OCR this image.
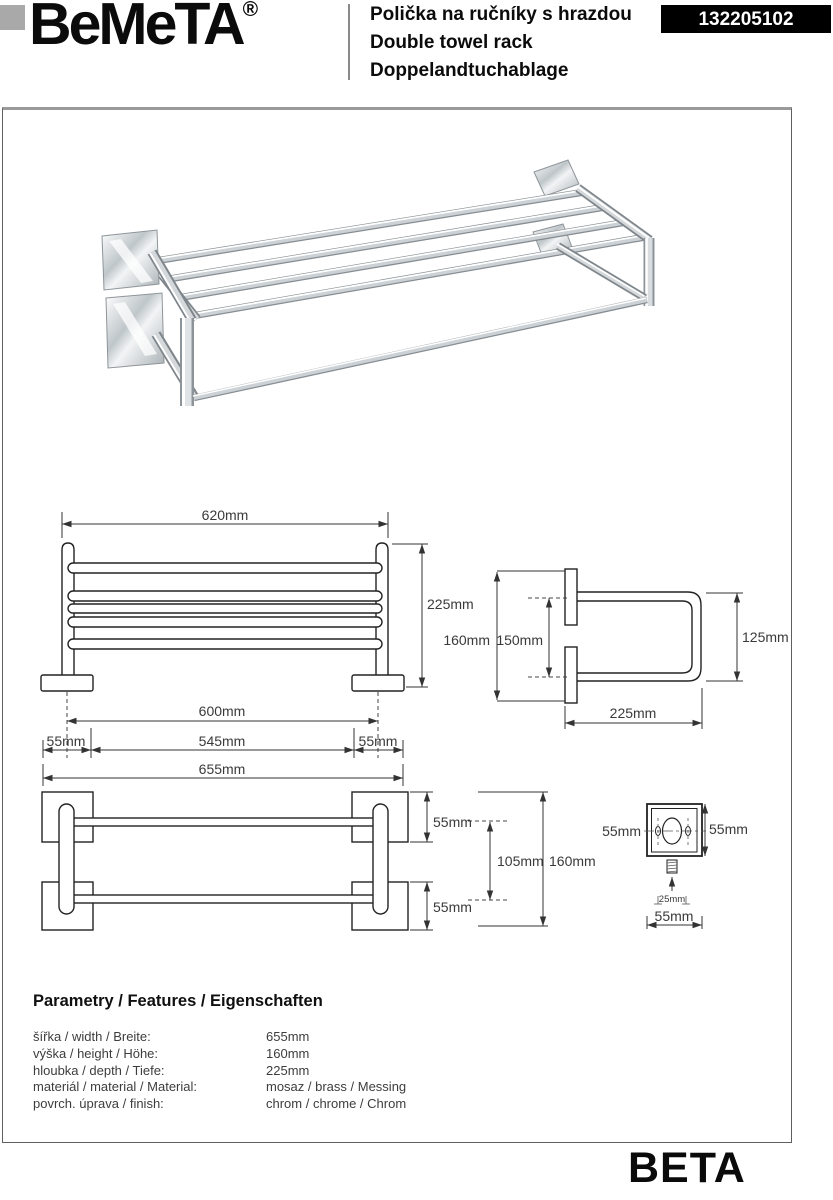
BeMeTA®	Polička na ručníky s hrazdou
Double towel rack
Doppelandtuchablage
132205102
620mm
225mm
600mm
55mm	545mm	55mm
655mm
160mm 150mm	125mm
225mm
55mm
105mm 160mm
55mm
55mm	55mm
25mm
55mm
Parametry / Features / Eigenschaften
šířka / width / Breite:	655mm
výška / height / Höhe:	160mm
hloubka / depth / Tiefe:	225mm
materiál / material / Material:	mosaz / brass / Messing
povrch. úprava / finish:	chrom / chrome / Chrom
BETA
